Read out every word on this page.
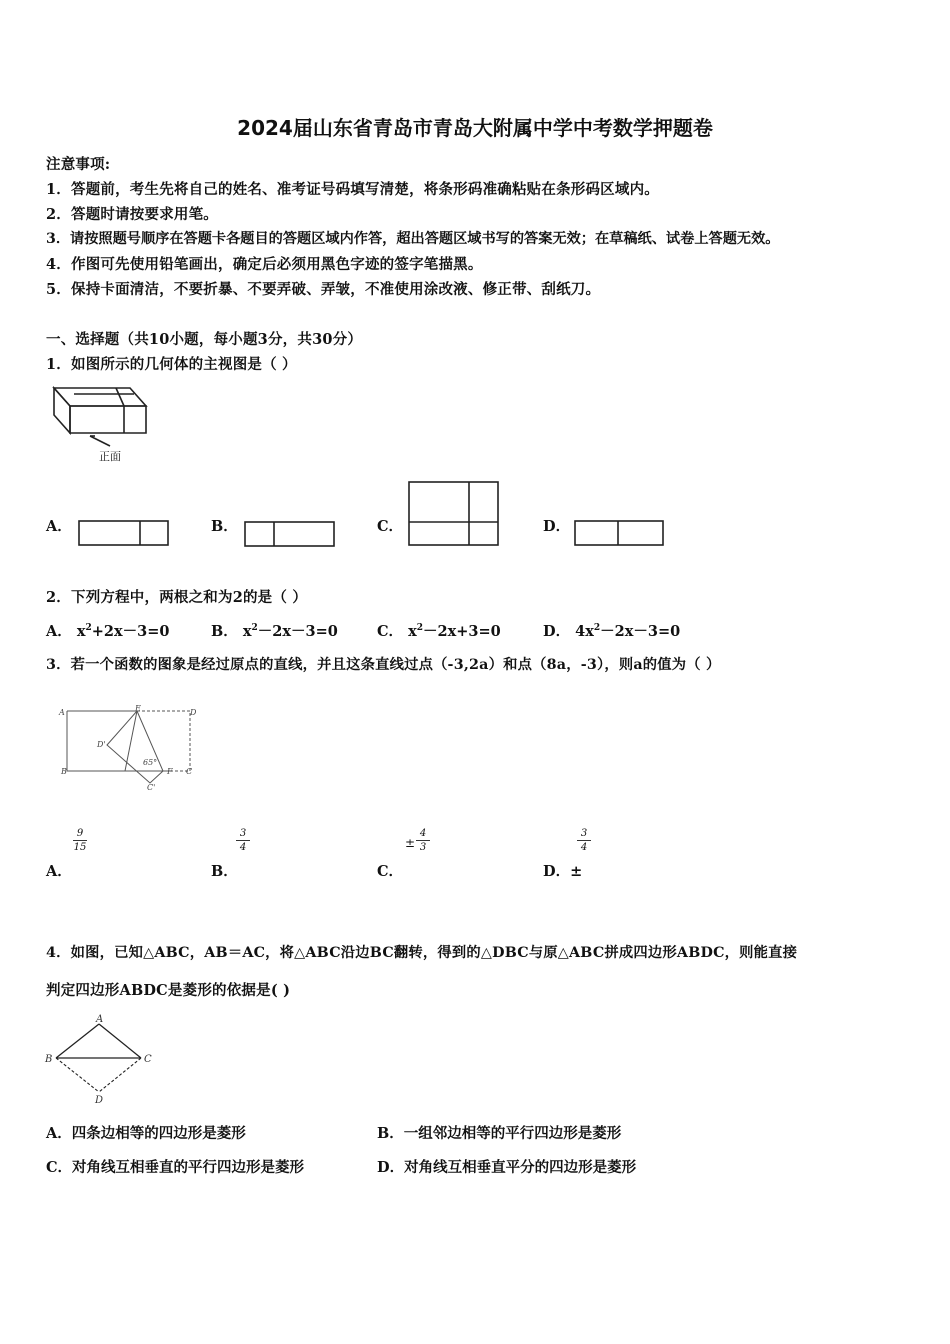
2024届山东省青岛市青岛大附属中学中考数学押题卷
注意事项:
1．答题前，考生先将自己的姓名、准考证号码填写清楚，将条形码准确粘贴在条形码区域内。
2．答题时请按要求用笔。
3．请按照题号顺序在答题卡各题目的答题区域内作答，超出答题区域书写的答案无效；在草稿纸、试卷上答题无效。
4．作图可先使用铅笔画出，确定后必须用黑色字迹的签字笔描黑。
5．保持卡面清洁，不要折暴、不要弄破、弄皱，不准使用涂改液、修正带、刮纸刀。
一、选择题（共10小题，每小题3分，共30分）
1．如图所示的几何体的主视图是（ ）
正面
A．	B．	C．	D．
2．下列方程中，两根之和为2的是（ ）
A． $x^2+2x-3=0$	B． $x^2-2x-3=0$	C． $x^2-2x+3=0$	D． $4x^2-2x-3=0$
3．若一个函数的图象是经过原点的直线，并且这条直线过点（-3,2a）和点（8a，-3），则a的值为（ ）
A	E	D
D'
B	F C
C'
65°
A．
9
15
B．
3
4
C．
±
4
3
D．±
3
4
4．如图，已知△ABC，AB＝AC，将△ABC沿边BC翻转，得到的△DBC与原△ABC拼成四边形ABDC，则能直接
判定四边形ABDC是菱形的依据是( )
A
B	C
D
A．四条边相等的四边形是菱形	B．一组邻边相等的平行四边形是菱形
C．对角线互相垂直的平行四边形是菱形	D．对角线互相垂直平分的四边形是菱形
